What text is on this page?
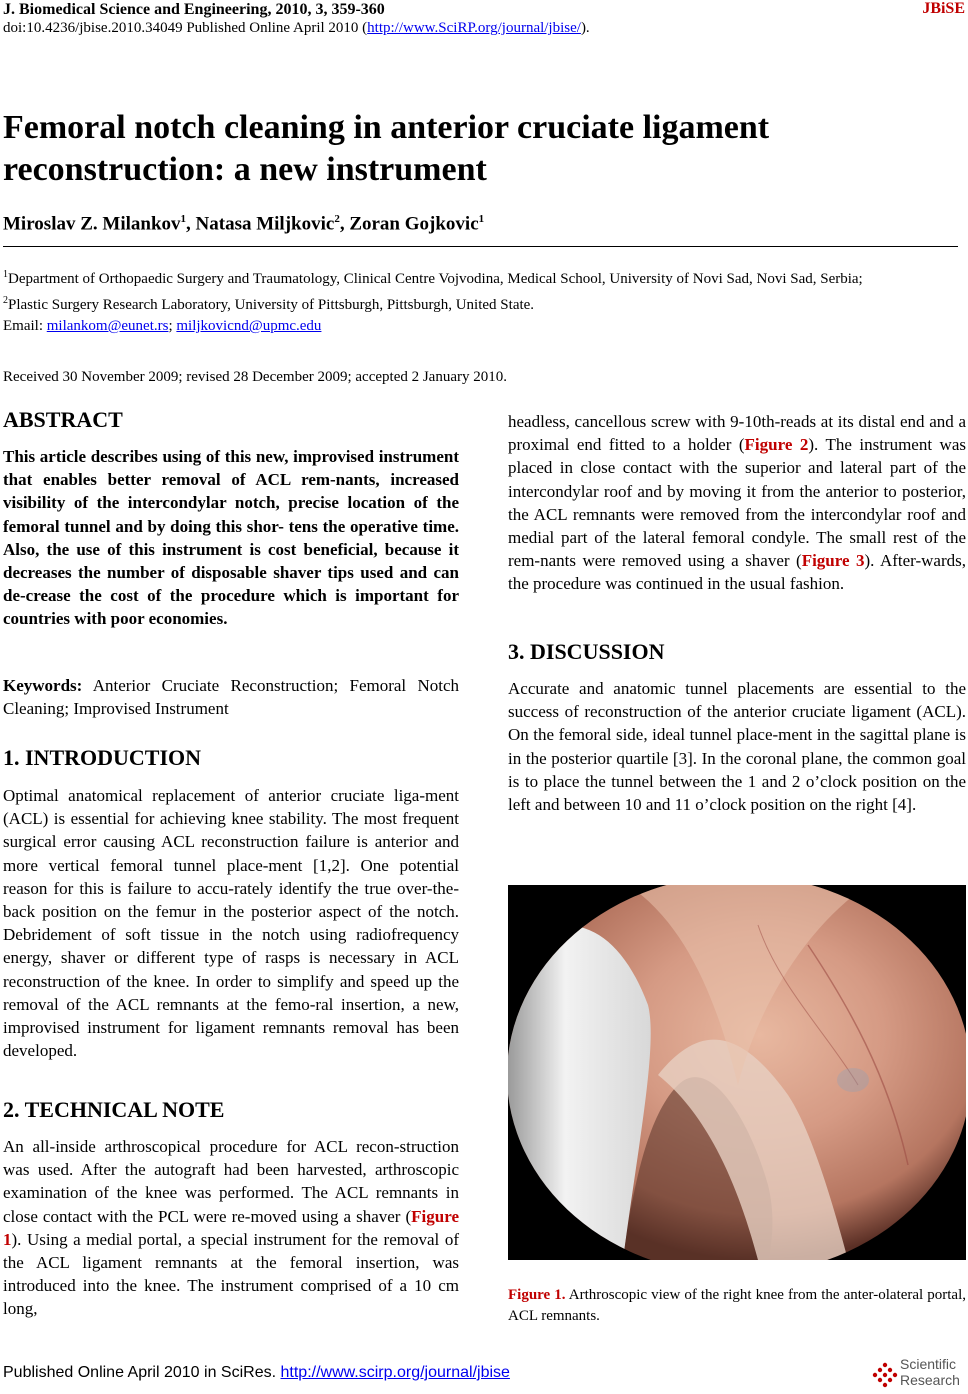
J. Biomedical Science and Engineering, 2010, 3, 359-360	JBiSE
doi:10.4236/jbise.2010.34049 Published Online April 2010 (http://www.SciRP.org/journal/jbise/).
Femoral notch cleaning in anterior cruciate ligament reconstruction: a new instrument
Miroslav Z. Milankov$^1$, Natasa Miljkovic$^2$, Zoran Gojkovic$^1$
$^1$Department of Orthopaedic Surgery and Traumatology, Clinical Centre Vojvodina, Medical School, University of Novi Sad, Novi Sad, Serbia;
$^2$Plastic Surgery Research Laboratory, University of Pittsburgh, Pittsburgh, United State.
Email: milankom@eunet.rs; miljkovicnd@upmc.edu
Received 30 November 2009; revised 28 December 2009; accepted 2 January 2010.
ABSTRACT
This article describes using of this new, improvised instrument that enables better removal of ACL rem-nants, increased visibility of the intercondylar notch, precise location of the femoral tunnel and by doing this shor- tens the operative time. Also, the use of this instrument is cost beneficial, because it decreases the number of disposable shaver tips used and can de-crease the cost of the procedure which is important for countries with poor economies.
Keywords: Anterior Cruciate Reconstruction; Femoral Notch Cleaning; Improvised Instrument
1. INTRODUCTION
Optimal anatomical replacement of anterior cruciate liga-ment (ACL) is essential for achieving knee stability. The most frequent surgical error causing ACL reconstruction failure is anterior and more vertical femoral tunnel place-ment [1,2]. One potential reason for this is failure to accu-rately identify the true over-the-back position on the femur in the posterior aspect of the notch. Debridement of soft tissue in the notch using radiofrequency energy, shaver or different type of rasps is necessary in ACL reconstruction of the knee. In order to simplify and speed up the removal of the ACL remnants at the femo-ral insertion, a new, improvised instrument for ligament remnants removal has been developed.
2. TECHNICAL NOTE
An all-inside arthroscopical procedure for ACL recon-struction was used. After the autograft had been harvested, arthroscopic examination of the knee was performed. The ACL remnants in close contact with the PCL were re-moved using a shaver (Figure 1). Using a medial portal, a special instrument for the removal of the ACL ligament remnants at the femoral insertion, was introduced into the knee. The instrument comprised of a 10 cm long,
headless, cancellous screw with 9-10th-reads at its distal end and a proximal end fitted to a holder (Figure 2). The instrument was placed in close contact with the superior and lateral part of the intercondylar roof and by moving it from the anterior to posterior, the ACL remnants were removed from the intercondylar roof and medial part of the lateral femoral condyle. The small rest of the rem-nants were removed using a shaver (Figure 3). After-wards, the procedure was continued in the usual fashion.
3. DISCUSSION
Accurate and anatomic tunnel placements are essential to the success of reconstruction of the anterior cruciate ligament (ACL). On the femoral side, ideal tunnel place-ment in the sagittal plane is in the posterior quartile [3]. In the coronal plane, the common goal is to place the tunnel between the 1 and 2 o’clock position on the left and between 10 and 11 o’clock position on the right [4].
Figure 1. Arthroscopic view of the right knee from the anter-olateral portal, ACL remnants.
Published Online April 2010 in SciRes. http://www.scirp.org/journal/jbise	Scientific
Research
